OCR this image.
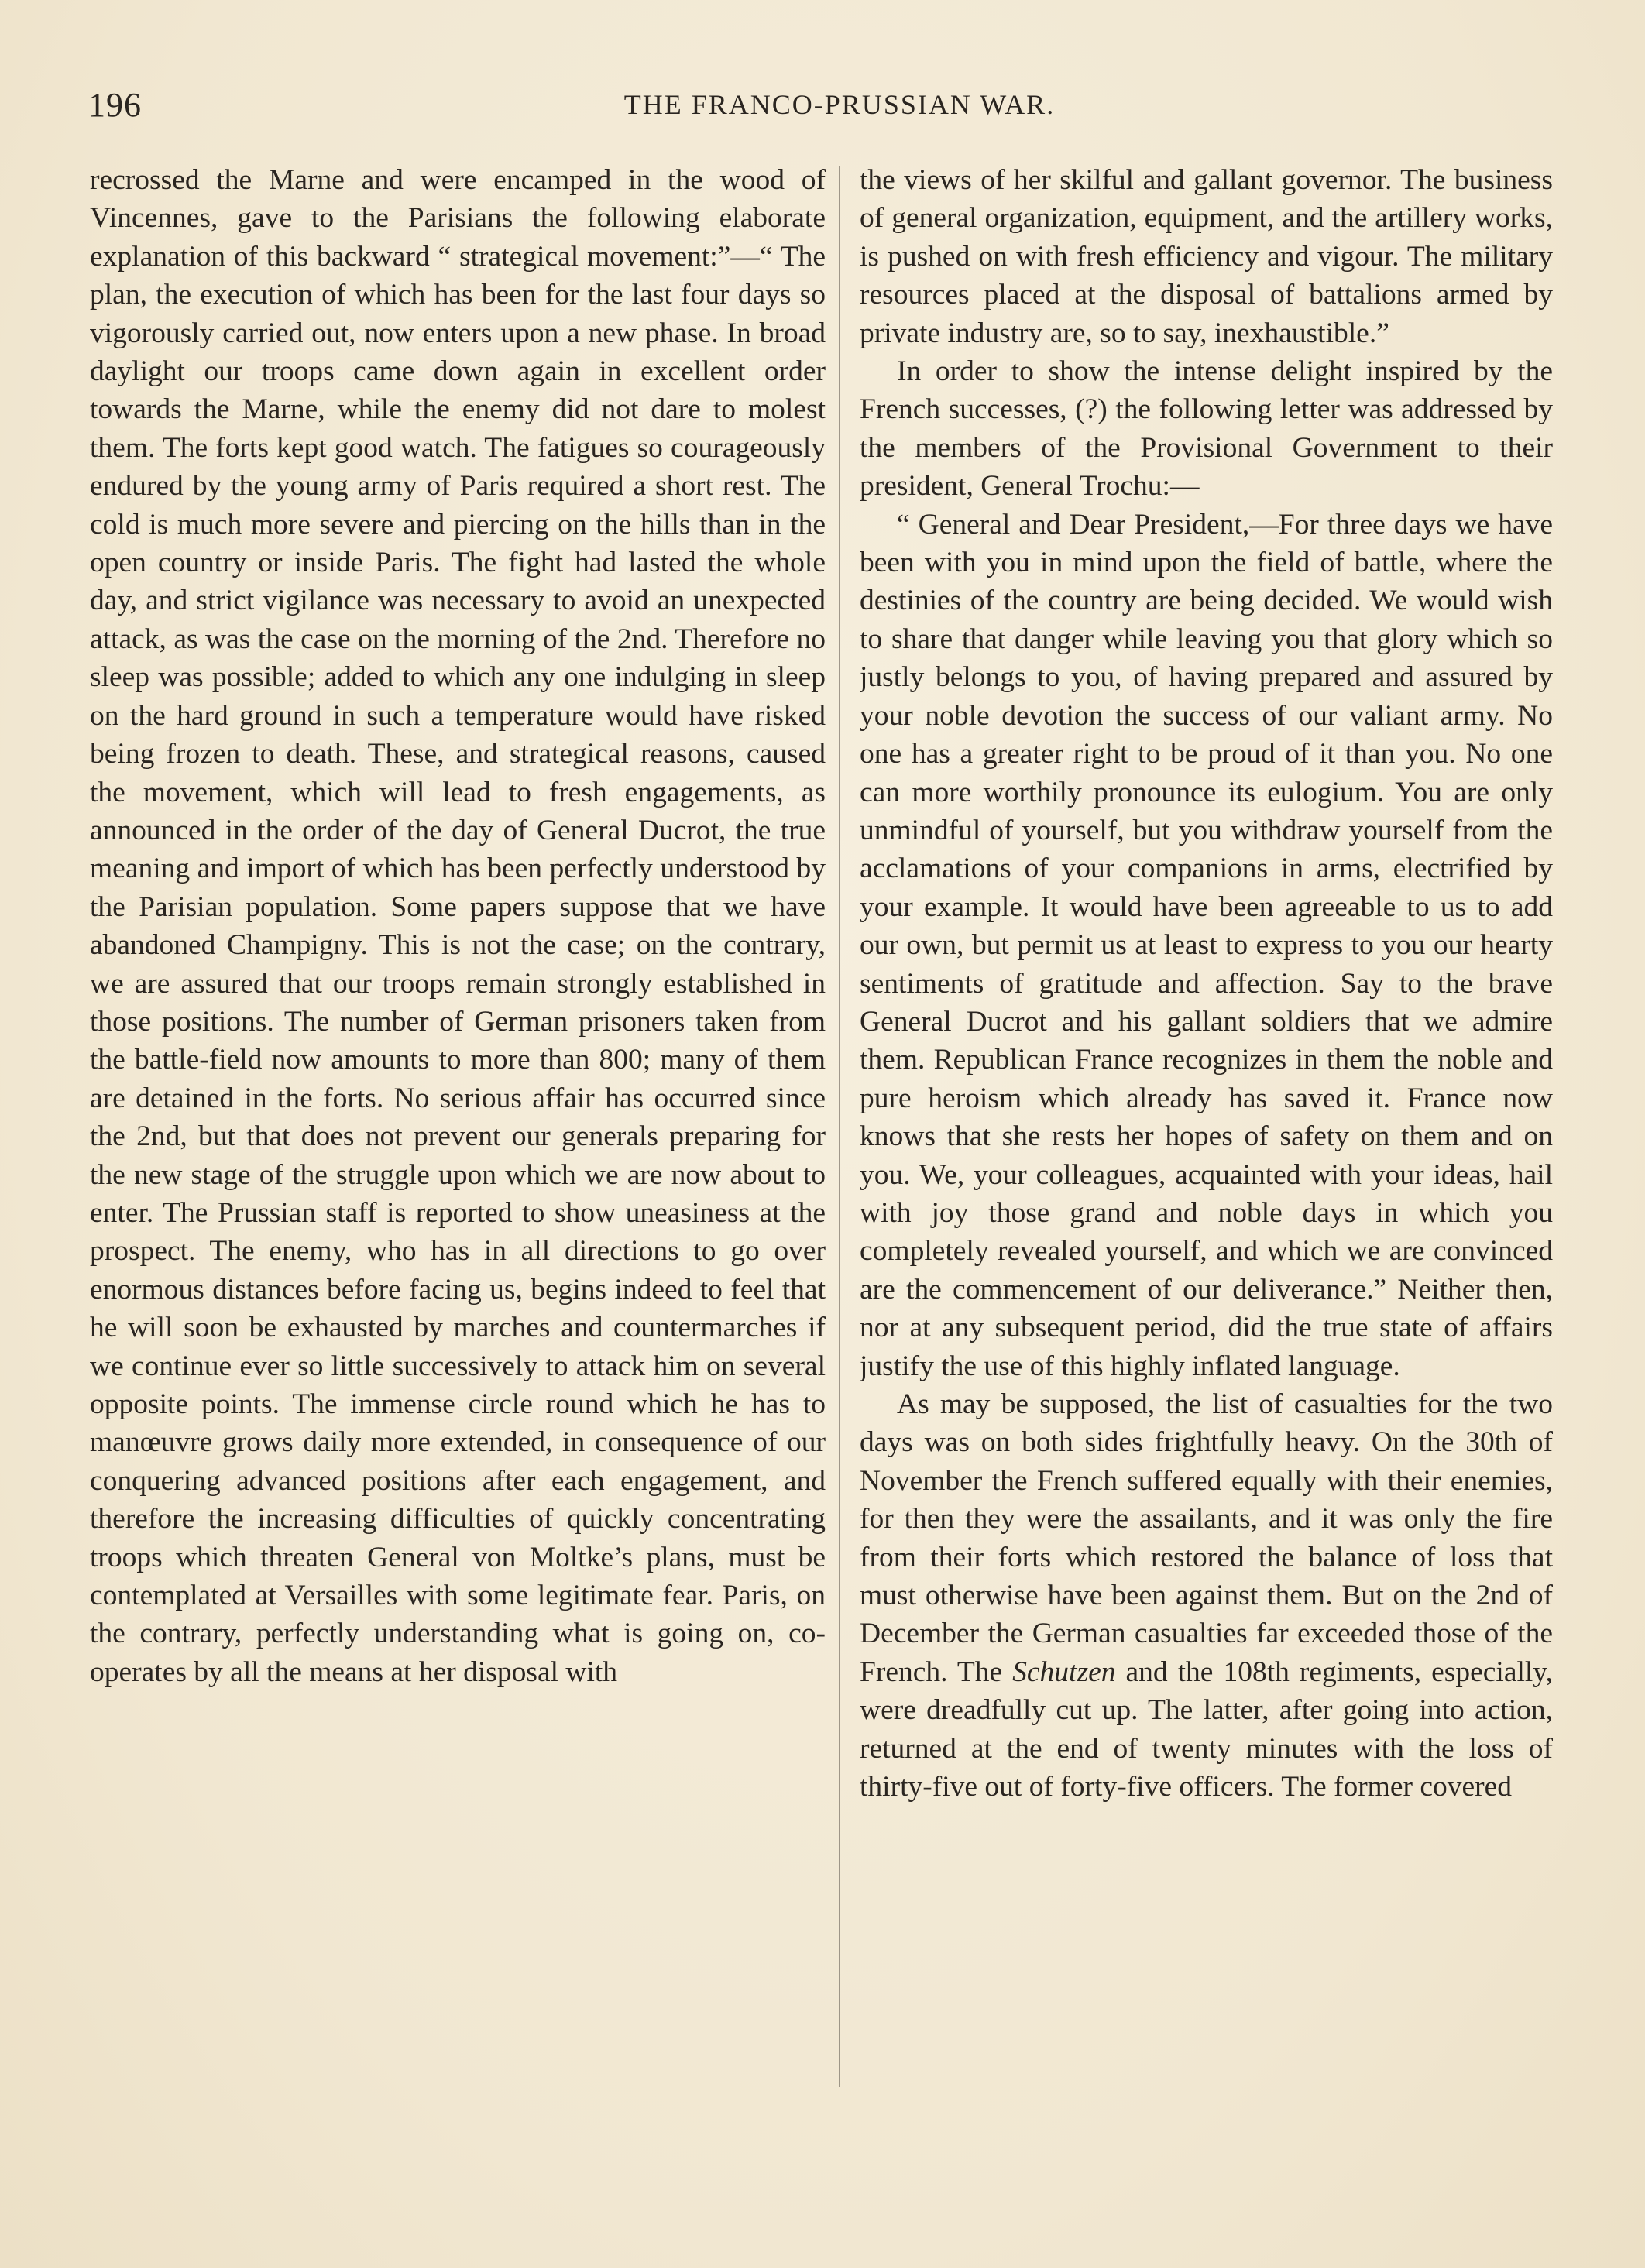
196	THE FRANCO-PRUSSIAN WAR.

recrossed the Marne and were encamped in the wood of Vincennes, gave to the Parisians the following elaborate explanation of this backward “ strategical movement:”—“ The plan, the execution of which has been for the last four days so vigorously carried out, now enters upon a new phase. In broad daylight our troops came down again in excellent order towards the Marne, while the enemy did not dare to molest them. The forts kept good watch. The fatigues so courageously endured by the young army of Paris required a short rest. The cold is much more severe and piercing on the hills than in the open country or inside Paris. The fight had lasted the whole day, and strict vigilance was necessary to avoid an unexpected attack, as was the case on the morning of the 2nd. Therefore no sleep was possible; added to which any one indulging in sleep on the hard ground in such a temperature would have risked being frozen to death. These, and strategical reasons, caused the movement, which will lead to fresh engagements, as announced in the order of the day of General Ducrot, the true meaning and import of which has been perfectly understood by the Parisian population. Some papers suppose that we have abandoned Champigny. This is not the case; on the contrary, we are assured that our troops remain strongly established in those positions. The number of German prisoners taken from the battle-field now amounts to more than 800; many of them are detained in the forts. No serious affair has occurred since the 2nd, but that does not prevent our generals preparing for the new stage of the struggle upon which we are now about to enter. The Prussian staff is reported to show uneasiness at the prospect. The enemy, who has in all directions to go over enormous distances before facing us, begins indeed to feel that he will soon be exhausted by marches and countermarches if we continue ever so little successively to attack him on several opposite points. The immense circle round which he has to manœuvre grows daily more extended, in consequence of our conquering advanced positions after each engagement, and therefore the increasing difficulties of quickly concentrating troops which threaten General von Moltke’s plans, must be contemplated at Versailles with some legitimate fear. Paris, on the contrary, perfectly understanding what is going on, co-operates by all the means at her disposal with

the views of her skilful and gallant governor. The business of general organization, equipment, and the artillery works, is pushed on with fresh efficiency and vigour. The military resources placed at the disposal of battalions armed by private industry are, so to say, inexhaustible.”

In order to show the intense delight inspired by the French successes, (?) the following letter was addressed by the members of the Provisional Government to their president, General Trochu:—

“ General and Dear President,—For three days we have been with you in mind upon the field of battle, where the destinies of the country are being decided. We would wish to share that danger while leaving you that glory which so justly belongs to you, of having prepared and assured by your noble devotion the success of our valiant army. No one has a greater right to be proud of it than you. No one can more worthily pronounce its eulogium. You are only unmindful of yourself, but you withdraw yourself from the acclamations of your companions in arms, electrified by your example. It would have been agreeable to us to add our own, but permit us at least to express to you our hearty sentiments of gratitude and affection. Say to the brave General Ducrot and his gallant soldiers that we admire them. Republican France recognizes in them the noble and pure heroism which already has saved it. France now knows that she rests her hopes of safety on them and on you. We, your colleagues, acquainted with your ideas, hail with joy those grand and noble days in which you completely revealed yourself, and which we are convinced are the commencement of our deliverance.” Neither then, nor at any subsequent period, did the true state of affairs justify the use of this highly inflated language.

As may be supposed, the list of casualties for the two days was on both sides frightfully heavy. On the 30th of November the French suffered equally with their enemies, for then they were the assailants, and it was only the fire from their forts which restored the balance of loss that must otherwise have been against them. But on the 2nd of December the German casualties far exceeded those of the French. The Schutzen and the 108th regiments, especially, were dreadfully cut up. The latter, after going into action, returned at the end of twenty minutes with the loss of thirty-five out of forty-five officers. The former covered
